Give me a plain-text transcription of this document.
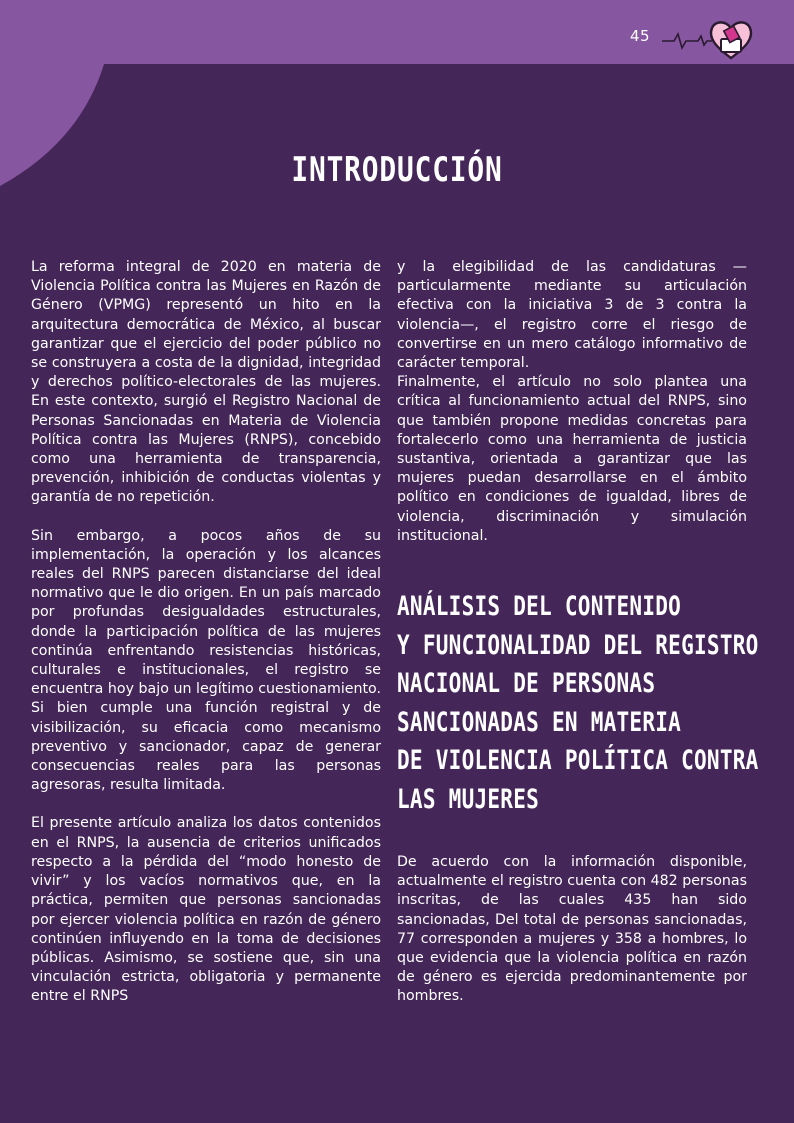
45
INTRODUCCIÓN

La reforma integral de 2020 en materia de Violencia Política contra las Mujeres en Razón de Género (VPMG) representó un hito en la arquitectura democrática de México, al buscar garantizar que el ejercicio del poder público no se construyera a costa de la dignidad, integridad y derechos político-electorales de las mujeres. En este contexto, surgió el Registro Nacional de Personas Sancionadas en Materia de Violencia Política contra las Mujeres (RNPS), concebido como una herramienta de transparencia, prevención, inhibición de conductas violentas y garantía de no repetición.

Sin embargo, a pocos años de su implementación, la operación y los alcances reales del RNPS parecen distanciarse del ideal normativo que le dio origen. En un país marcado por profundas desigualdades estructurales, donde la participación política de las mujeres continúa enfrentando resistencias históricas, culturales e institucionales, el registro se encuentra hoy bajo un legítimo cuestionamiento. Si bien cumple una función registral y de visibilización, su eficacia como mecanismo preventivo y sancionador, capaz de generar consecuencias reales para las personas agresoras, resulta limitada.

El presente artículo analiza los datos contenidos en el RNPS, la ausencia de criterios unificados respecto a la pérdida del “modo honesto de vivir” y los vacíos normativos que, en la práctica, permiten que personas sancionadas por ejercer violencia política en razón de género continúen influyendo en la toma de decisiones públicas. Asimismo, se sostiene que, sin una vinculación estricta, obligatoria y permanente entre el RNPS

y la elegibilidad de las candidaturas —particularmente mediante su articulación efectiva con la iniciativa 3 de 3 contra la violencia—, el registro corre el riesgo de convertirse en un mero catálogo informativo de carácter temporal.

Finalmente, el artículo no solo plantea una crítica al funcionamiento actual del RNPS, sino que también propone medidas concretas para fortalecerlo como una herramienta de justicia sustantiva, orientada a garantizar que las mujeres puedan desarrollarse en el ámbito político en condiciones de igualdad, libres de violencia, discriminación y simulación institucional.

ANÁLISIS DEL CONTENIDO
Y FUNCIONALIDAD DEL REGISTRO
NACIONAL DE PERSONAS
SANCIONADAS EN MATERIA
DE VIOLENCIA POLÍTICA CONTRA
LAS MUJERES

De acuerdo con la información disponible, actualmente el registro cuenta con 482 personas inscritas, de las cuales 435 han sido sancionadas, Del total de personas sancionadas, 77 corresponden a mujeres y 358 a hombres, lo que evidencia que la violencia política en razón de género es ejercida predominantemente por hombres.
